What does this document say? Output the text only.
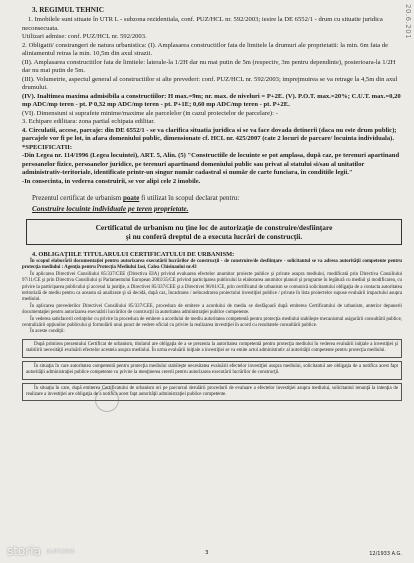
20.6.201
3. REGIMUL TEHNIC

1. Imobilele sunt situate în UTR L - subzona rezidentiala, conf. PUZ/HCL nr. 592/2003; iesire la DE 6552/1 - drum cu situatie juridica neconsecuata.

Utilizari admise: conf. PUZ/HCL nr. 592/2003.

2. Obligatii/ constrangeri de natura urbanistica: (I). Amplasarea constructiilor fata de limitele la drumuri ale proprietatii: la min. 6m fata de aliniamentul retras la min. 10,5m din axul strazii.

(II). Amplasarea constructiilor fata de limitele: laterale-la 1/2H dar nu mai putin de 5m (respectiv, 3m pentru dependinte), posterioara-la 1/2H dar nu mai putin de 5m.

(III). Volumetrie, aspectul general al constructiilor si alte prevederi: conf. PUZ/HCL nr. 592/2003; imprejmuirea se va retrage la 4,5m din axul drumului.

(IV). Inaltimea maxima admisibila a constructiilor: H max.=9m; nr. max. de niveluri = P+2E. (V). P.O.T. max.=20%; C.U.T. max.=0,20 mp ADC/mp teren - pt. P 0,32 mp ADC/mp teren - pt. P+1E; 0,60 mp ADC/mp teren - pt. P+2E.

(VI). Dimensiuni si suprafete minime/maxime ale parcelelor (in cazul proiectelor de parcelare): -

3. Echipare edilitara: zona partial echipata edilitar.

4. Circulatii, accese, parcaje: din DE 6552/1 - se va clarifica situatia juridica si se va face dovada detinerii (daca nu este drum public); parcajele vor fi pe lot, in afara domeniului public, dimensionate cf. HCL nr. 425/2007 (cate 2 locuri de parcare/ locuinta individuala).

*SPECIFICATII:

-Din Legea nr. 114/1996 (Legea locuintei), ART. 5, Alin. (5) "Constructiile de locuinte se pot amplasa, după caz, pe terenuri apartinand persoanelor fizice, persoanelor juridice, pe terenuri apartinand domeniului public sau privat al statului si/sau al unitatilor administrativ-teritoriale, identificate printr-un singur număr cadastral si număr de carte funciara, în conditiile legii."

-In consecinta, in vederea construirii, se vor alipi cele 2 imobile.

Prezentul certificat de urbanism poate fi utilizat în scopul declarat pentru:
Construire locuinte individuale pe teren proprietate.
Certificatul de urbanism nu ţine loc de autorizaţie de construire/desfiinţare
şi nu conferă dreptul de a executa lucrări de construcţii.
4. OBLIGAŢIILE TITULARULUI CERTIFICATULUI DE URBANISM:

În scopul elaborării documentaţiei pentru autorizarea executării lucrărilor de construcţii - de construire/de desfiinţare - solicitantul se va adresa autorităţii competente pentru protecţia mediului : Agenţia pentru Protecţia Mediului Iasi, Calea Chisinaului nr.43

În aplicarea Directivei Consiliului 85/337/CEE (Directiva EIA) privind evaluarea efectelor anumitor proiecte publice şi private asupra mediului, modificată prin Directiva Consiliului 97/11/CE şi prin Directiva Consiliului şi Parlamentului European 2003/35/CE privind participarea publicului la elaborarea anumitor planuri şi programe în legătură cu mediul şi modificarea, cu privire la participarea publicului şi accesul la justiţie, a Directivei 85/337/CEE şi a Directivei 96/61/CE, prin certificatul de urbanism se comunică solicitantului obligaţia de a contacta autoritatea teritorială de mediu pentru ca aceasta să analizeze şi să decidă, după caz, încadrarea / neîncadrarea proiectului investiţiei publice / private în lista proiectelor supuse evaluării impactului asupra mediului.

În aplicarea prevederilor Directivei Consiliului 85/337/CEE, procedura de emitere a acordului de mediu se desfăşoară după emiterea Certificatului de urbanism, anterior depunerii documentaţiei pentru autorizarea executării lucrărilor de construcţii la autoritatea administraţiei publice competente.

În vederea satisfacerii cerinţelor cu privire la procedura de emitere a acordului de mediu autoritatea competentă pentru protecţia mediului stabileşte mecanismul asigurării consultării publice, centralizării opţiunilor publicului şi formulării unui punct de vedere oficial cu privire la realizarea investiţiei în acord cu rezultatele consultării publice.

În aceste condiţii:

După primirea prezentului Certificat de urbanism, titularul are obligaţia de a se prezenta la autoritatea competentă pentru protecţia mediului în vederea evaluării iniţiale a investiţiei şi stabilirii necesităţii evaluării efectelor acesteia asupra mediului. În urma evaluării iniţiale a investiţiei se va emite actul administrativ al autorităţii competente pentru protecţia mediului.

În situaţia în care autoritatea competentă pentru protecţia mediului stabileşte necesitatea evaluării efectelor investiţiei asupra mediului, solicitantul are obligaţia de a notifica acest fapt autorităţii administraţiei publice competente cu privire la menţinerea cererii pentru autorizarea executării lucrărilor de construcţii.

În situaţia în care, după emiterea Certificatului de urbanism ori pe parcursul derulării procedurii de evaluare a efectelor investiţiei asupra mediului, solicitantul renunţă la intenţia de realizare a investiţiei are obligaţia de a notifica acest fapt autorităţii administraţiei publice competente.

storia 31/07/2025	3	12/1933 A.G.
